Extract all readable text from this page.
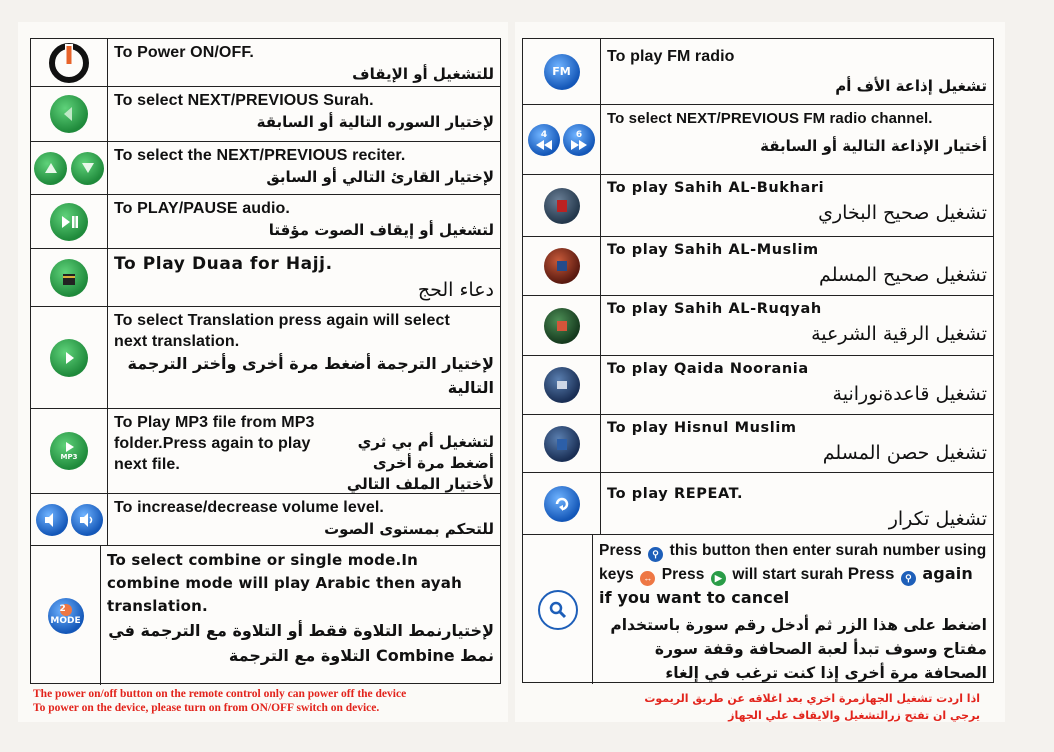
To Power ON/OFF.
للتشغيل أو الإيقاف
To select NEXT/PREVIOUS Surah.
لإختيار السوره التالية أو السابقة
To select the NEXT/PREVIOUS reciter.
لإختيار القارئ التالي أو السابق
To PLAY/PAUSE audio.
لتشغيل أو إيقاف الصوت مؤقتا
To Play Duaa for Hajj.
دعاء الحج
To select Translation press again will select next translation.
لإختيار الترجمة أضغط مرة أخرى وأختر الترجمة التالية
MP3
To Play MP3 file from MP3 folder.Press again to play next file.
لتشغيل أم بي ثري أضغط مرة أخرى لأختيار الملف التالي
To increase/decrease volume level.
للتحكم بمستوى الصوت
2
MODE
To select combine or single mode.In combine mode will play Arabic then ayah translation.
لإختيارنمط التلاوة فقط أو التلاوة مع الترجمة في نمط Combine التلاوة مع الترجمة
FM
To play FM radio
تشغيل إذاعة الأف أم
4	6
To select NEXT/PREVIOUS FM radio channel.
أختيار الإذاعة التالية أو السابقة
To play Sahih AL-Bukhari
تشغيل صحيح البخاري
To play Sahih AL-Muslim
تشغيل صحيح المسلم
To play Sahih AL-Ruqyah
تشغيل الرقية الشرعية
To play Qaida Noorania
تشغيل قاعدةنورانية
To play Hisnul Muslim
تشغيل حصن المسلم
To play REPEAT.
تشغيل تكرار
Press ⚲ this button then enter surah number using keys ↔ Press ▶ will start surah Press ⚲ again if you want to cancel
اضغط على هذا الزر ثم أدخل رقم سورة باستخدام
مفتاح وسوف تبدأ لعبة الصحافة وقفة سورة
الصحافة مرة أخرى إذا كنت ترغب في إلغاء
The power on/off button on the remote control only can power off the device
To power on the device, please turn on from ON/OFF switch on device.
اذا اردت تشغيل الجهازمرة اخري بعد اغلاقه عن طريق الريموت
يرجي ان تفتح زرالتشغيل والايقاف علي الجهاز
